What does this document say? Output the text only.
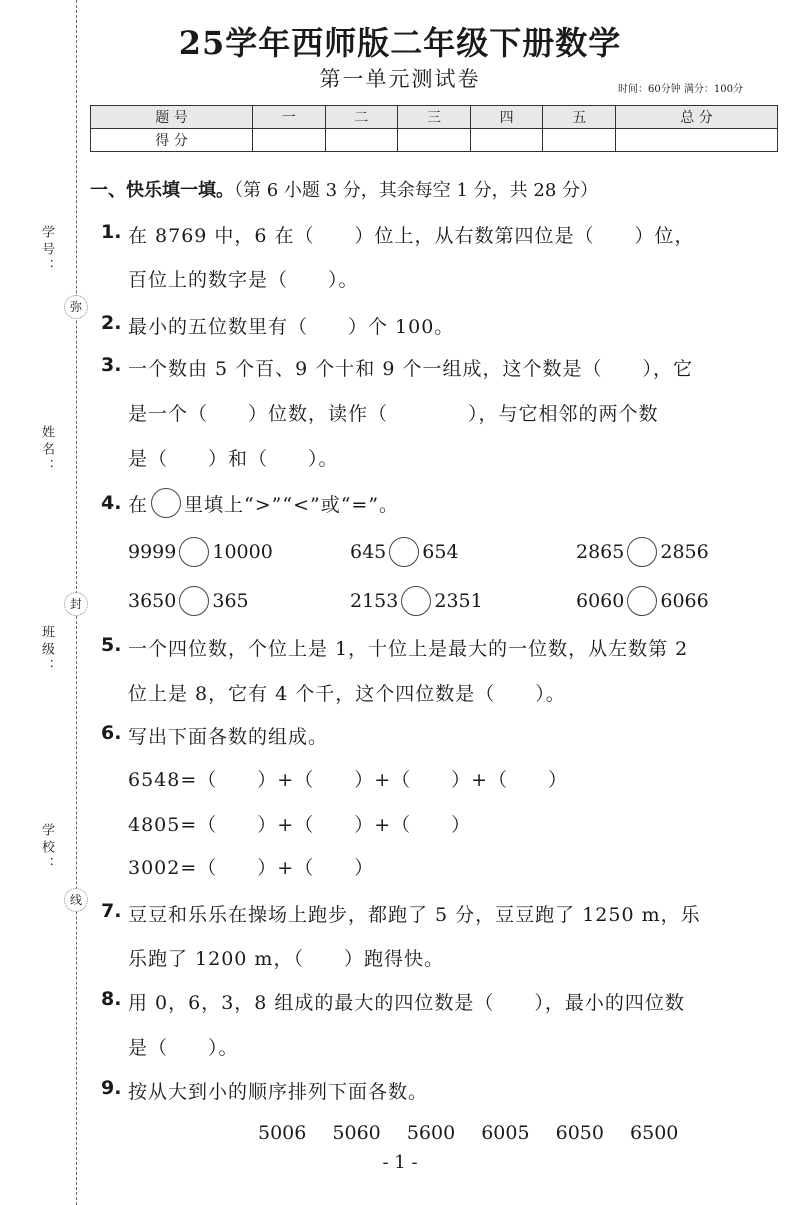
25学年西师版二年级下册数学
第一单元测试卷	时间：60分钟 满分：100分
题 号	一	二	三	四	五	总 分
得 分						
学号：
姓名：
班级：
学校：
弥
封
线
一、快乐填一填。（第 6 小题 3 分，其余每空 1 分，共 28 分）
1. 在 8769 中，6 在（　　）位上，从右数第四位是（　　）位，
百位上的数字是（　　）。
2. 最小的五位数里有（　　）个 100。
3. 一个数由 5 个百、9 个十和 9 个一组成，这个数是（　　），它
是一个（　　）位数，读作（　　　　），与它相邻的两个数
是（　　）和（　　）。
4. 在 里填上“>”“<”或“=”。
9999 10000	645 654	2865 2856
3650 365	2153 2351	6060 6066
5. 一个四位数，个位上是 1，十位上是最大的一位数，从左数第 2
位上是 8，它有 4 个千，这个四位数是（　　）。
6. 写出下面各数的组成。
6548=（　　）+（　　）+（　　）+（　　）
4805=（　　）+（　　）+（　　）
3002=（　　）+（　　）
7. 豆豆和乐乐在操场上跑步，都跑了 5 分，豆豆跑了 1250 m，乐
乐跑了 1200 m，（　　）跑得快。
8. 用 0，6，3，8 组成的最大的四位数是（　　），最小的四位数
是（　　）。
9. 按从大到小的顺序排列下面各数。
5006 5060 5600 6005 6050 6500
- 1 -
